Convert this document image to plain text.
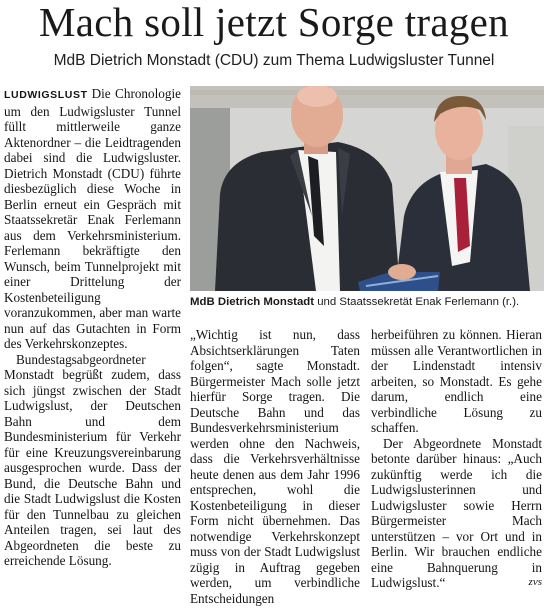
Mach soll jetzt Sorge tragen
MdB Dietrich Monstadt (CDU) zum Thema Ludwigsluster Tunnel

LUDWIGSLUST Die Chronologie um den Ludwigsluster Tunnel füllt mittlerweile ganze Aktenordner – die Leidtragenden dabei sind die Ludwigsluster. Dietrich Monstadt (CDU) führte diesbezüglich diese Woche in Berlin erneut ein Gespräch mit Staatssekretär Enak Ferlemann aus dem Verkehrsministerium. Ferlemann bekräftigte den Wunsch, beim Tunnelprojekt mit einer Drittelung der Kostenbeteiligung voranzukommen, aber man warte nun auf das Gutachten in Form des Verkehrskonzeptes.

Bundestagsabgeordneter Monstadt begrüßt zudem, dass sich jüngst zwischen der Stadt Ludwigslust, der Deutschen Bahn und dem Bundesministerium für Verkehr für eine Kreuzungsvereinbarung ausgesprochen wurde. Dass der Bund, die Deutsche Bahn und die Stadt Ludwigslust die Kosten für den Tunnelbau zu gleichen Anteilen tragen, sei laut des Abgeordneten die beste zu erreichende Lösung.

MdB Dietrich Monstadt und Staatssekretät Enak Ferlemann (r.).

„Wichtig ist nun, dass Absichtserklärungen Taten folgen“, sagte Monstadt. Bürgermeister Mach solle jetzt hierfür Sorge tragen. Die Deutsche Bahn und das Bundesverkehrsministerium werden ohne den Nachweis, dass die Verkehrsverhältnisse heute denen aus dem Jahr 1996 entsprechen, wohl die Kostenbeteiligung in dieser Form nicht übernehmen. Das notwendige Verkehrskonzept muss von der Stadt Ludwigslust zügig in Auftrag gegeben werden, um verbindliche Entscheidungen

herbeiführen zu können. Hieran müssen alle Verantwortlichen in der Lindenstadt intensiv arbeiten, so Monstadt. Es gehe darum, endlich eine verbindliche Lösung zu schaffen.

Der Abgeordnete Monstadt betonte darüber hinaus: „Auch zukünftig werde ich die Ludwigslusterinnen und Ludwigsluster sowie Herrn Bürgermeister Mach unterstützen – vor Ort und in Berlin. Wir brauchen endliche eine Bahnquerung in Ludwigslust.“	zvs
